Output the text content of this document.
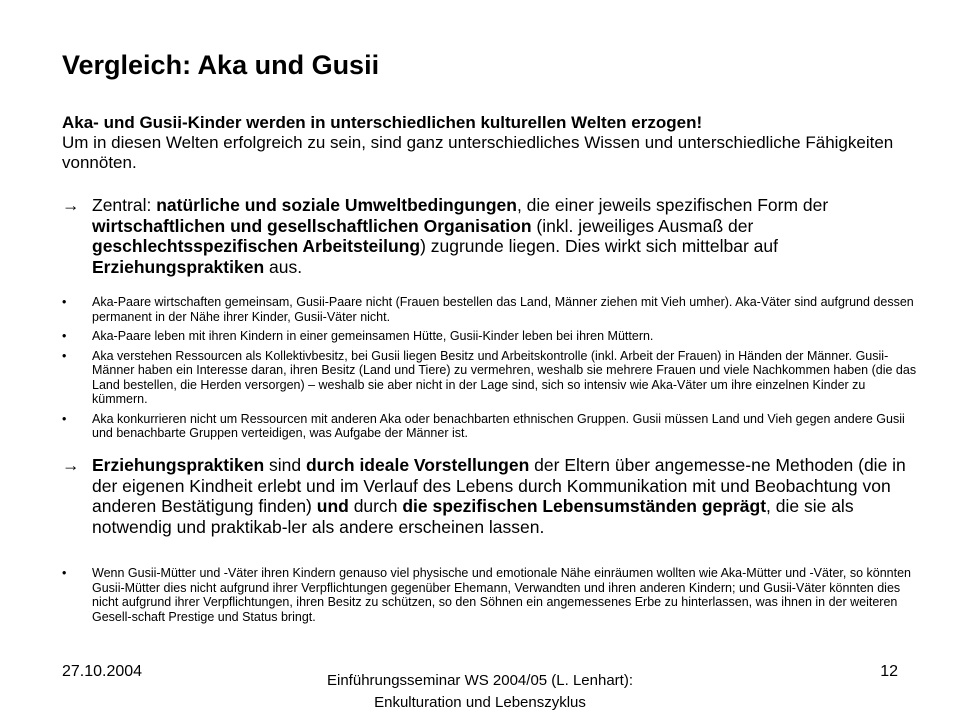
Vergleich: Aka und Gusii
Aka- und Gusii-Kinder werden in unterschiedlichen kulturellen Welten erzogen!
Um in diesen Welten erfolgreich zu sein, sind ganz unterschiedliches Wissen und unterschiedliche Fähigkeiten vonnöten.
→ Zentral: natürliche und soziale Umweltbedingungen, die einer jeweils spezifischen Form der wirtschaftlichen und gesellschaftlichen Organisation (inkl. jeweiliges Ausmaß der geschlechtsspezifischen Arbeitsteilung) zugrunde liegen. Dies wirkt sich mittelbar auf Erziehungspraktiken aus.
• Aka-Paare wirtschaften gemeinsam, Gusii-Paare nicht (Frauen bestellen das Land, Männer ziehen mit Vieh umher). Aka-Väter sind aufgrund dessen permanent in der Nähe ihrer Kinder, Gusii-Väter nicht.
• Aka-Paare leben mit ihren Kindern in einer gemeinsamen Hütte, Gusii-Kinder leben bei ihren Müttern.
• Aka verstehen Ressourcen als Kollektivbesitz, bei Gusii liegen Besitz und Arbeitskontrolle (inkl. Arbeit der Frauen) in Händen der Männer. Gusii-Männer haben ein Interesse daran, ihren Besitz (Land und Tiere) zu vermehren, weshalb sie mehrere Frauen und viele Nachkommen haben (die das Land bestellen, die Herden versorgen) – weshalb sie aber nicht in der Lage sind, sich so intensiv wie Aka-Väter um ihre einzelnen Kinder zu kümmern.
• Aka konkurrieren nicht um Ressourcen mit anderen Aka oder benachbarten ethnischen Gruppen. Gusii müssen Land und Vieh gegen andere Gusii und benachbarte Gruppen verteidigen, was Aufgabe der Männer ist.
→ Erziehungspraktiken sind durch ideale Vorstellungen der Eltern über angemesse-ne Methoden (die in der eigenen Kindheit erlebt und im Verlauf des Lebens durch Kommunikation mit und Beobachtung von anderen Bestätigung finden) und durch die spezifischen Lebensumständen geprägt, die sie als notwendig und praktikab-ler als andere erscheinen lassen.
• Wenn Gusii-Mütter und -Väter ihren Kindern genauso viel physische und emotionale Nähe einräumen wollten wie Aka-Mütter und -Väter, so könnten Gusii-Mütter dies nicht aufgrund ihrer Verpflichtungen gegenüber Ehemann, Verwandten und ihren anderen Kindern; und Gusii-Väter könnten dies nicht aufgrund ihrer Verpflichtungen, ihren Besitz zu schützen, so den Söhnen ein angemessenes Erbe zu hinterlassen, was ihnen in der weiteren Gesell-schaft Prestige und Status bringt.
27.10.2004
Einführungsseminar WS 2004/05 (L. Lenhart):
Enkulturation und Lebenszyklus
12
